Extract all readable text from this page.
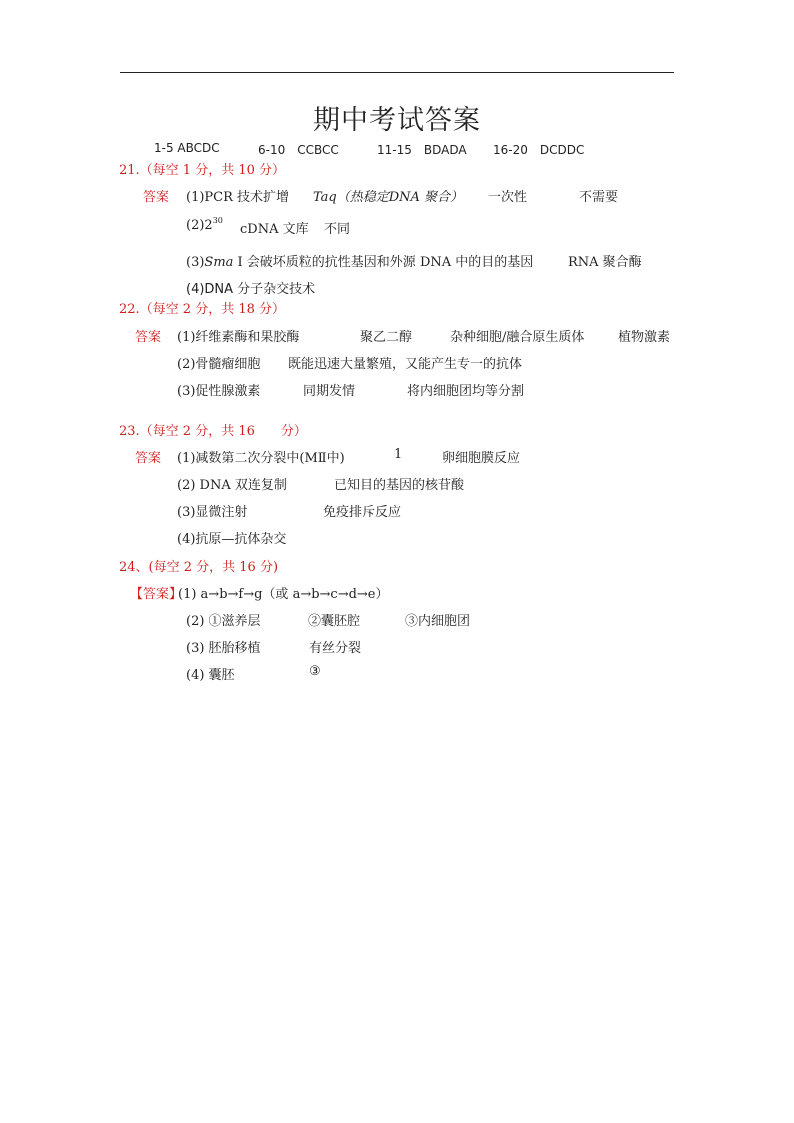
期中考试答案
1-5 ABCDC	6-10　CCBCC	11-15　BDADA 16-20　DCDDC
21.（每空 1 分，共 10 分）
答案 (1)PCR 技术扩增 Taq（热稳定DNA 聚合） 一次性	不需要
$(2)2^{30}$
cDNA 文库 不同
(3)Sma Ⅰ 会破坏质粒的抗性基因和外源 DNA 中的目的基因	RNA 聚合酶
(4)DNA 分子杂交技术
22.（每空 2 分，共 18 分）
答案 (1)纤维素酶和果胶酶	聚乙二醇	杂种细胞/融合原生质体	植物激素
(2)骨髓瘤细胞 既能迅速大量繁殖，又能产生专一的抗体
(3)促性腺激素	同期发情	将内细胞团均等分割
23.（每空 2 分，共 16　　分）
答案 (1)减数第二次分裂中(MⅡ中)	1	卵细胞膜反应
(2) DNA 双连复制	已知目的基因的核苷酸
(3)显微注射	免疫排斥反应
(4)抗原—抗体杂交
24、(每空 2 分，共 16 分)
【答案】
(1) a→b→f→g（或 a→b→c→d→e）
(2) ①滋养层	②囊胚腔	③内细胞团
(3) 胚胎移植	有丝分裂
(4) 囊胚	③
